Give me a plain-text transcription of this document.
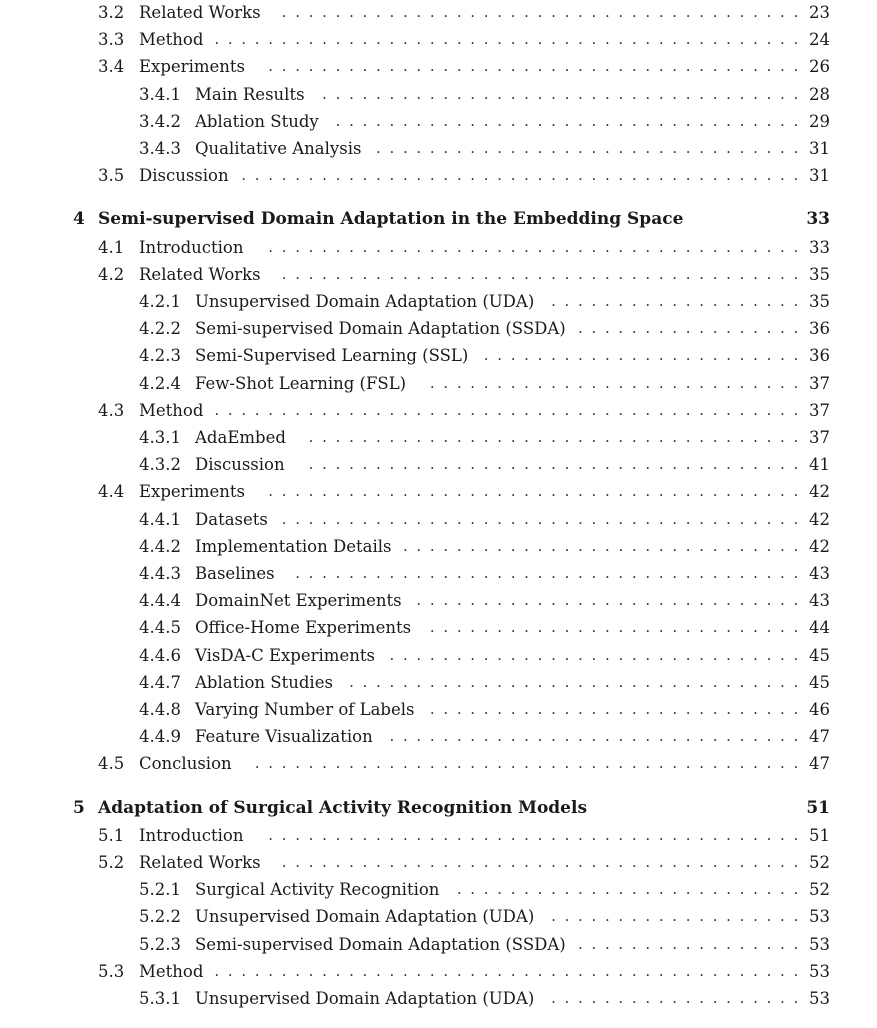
3.2 Related Works	....................................... 23
3.3 Method ............................................ 24
3.4 Experiments	........................................ 26
3.4.1 Main Results	.................................... 28
3.4.2 Ablation Study	................................... 29
3.4.3 Qualitative Analysis ................................ 31
3.5 Discussion .......................................... 31
4 Semi-supervised Domain Adaptation in the Embedding Space	33
4.1 Introduction	........................................ 33
4.2 Related Works	....................................... 35
4.2.1 Unsupervised Domain Adaptation (UDA)	................... 35
4.2.2 Semi-supervised Domain Adaptation (SSDA) ................. 36
4.2.3 Semi-Supervised Learning (SSL)	........................ 36
4.2.4 Few-Shot Learning (FSL)	............................ 37
4.3 Method ............................................ 37
4.3.1 AdaEmbed	..................................... 37
4.3.2 Discussion	..................................... 41
4.4 Experiments	........................................ 42
4.4.1 Datasets ....................................... 42
4.4.2 Implementation Details .............................. 42
4.4.3 Baselines	...................................... 43
4.4.4 DomainNet Experiments ............................. 43
4.4.5 Office-Home Experiments	............................ 44
4.4.6 VisDA-C Experiments ............................... 45
4.4.7 Ablation Studies	.................................. 45
4.4.8 Varying Number of Labels	............................ 46
4.4.9 Feature Visualization	............................... 47
4.5 Conclusion	......................................... 47
5 Adaptation of Surgical Activity Recognition Models	51
5.1 Introduction	........................................ 51
5.2 Related Works	....................................... 52
5.2.1 Surgical Activity Recognition	.......................... 52
5.2.2 Unsupervised Domain Adaptation (UDA)	................... 53
5.2.3 Semi-supervised Domain Adaptation (SSDA) ................. 53
5.3 Method ............................................ 53
5.3.1 Unsupervised Domain Adaptation (UDA)	................... 53
